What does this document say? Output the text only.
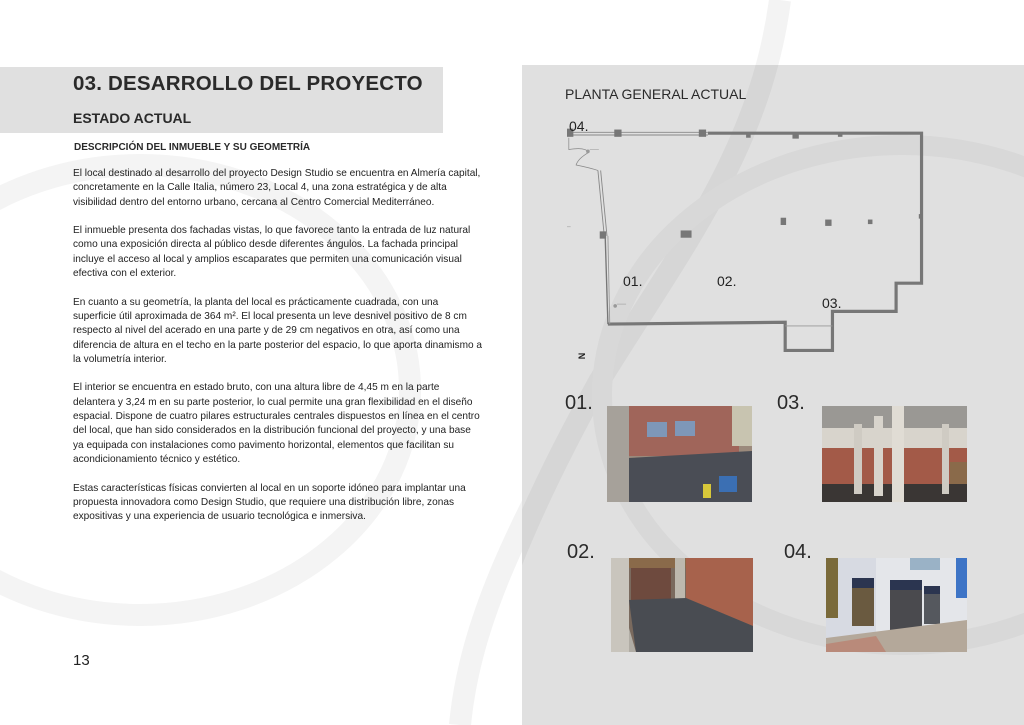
03. DESARROLLO DEL PROYECTO
ESTADO ACTUAL
DESCRIPCIÓN DEL INMUEBLE Y SU GEOMETRÍA

El local destinado al desarrollo del proyecto Design Studio se encuentra en Almería capital, concretamente en la Calle Italia, número 23, Local 4, una zona estratégica y de alta visibilidad dentro del entorno urbano, cercana al Centro Comercial Mediterráneo.

El inmueble presenta dos fachadas vistas, lo que favorece tanto la entrada de luz natural como una exposición directa al público desde diferentes ángulos. La fachada principal incluye el acceso al local y amplios escaparates que permiten una comunicación visual efectiva con el exterior.

En cuanto a su geometría, la planta del local es prácticamente cuadrada, con una superficie útil aproximada de 364 m². El local presenta un leve desnivel positivo de 8 cm respecto al nivel del acerado en una parte y de 29 cm negativos en otra, así como una diferencia de altura en el techo en la parte posterior del espacio, lo que aporta dinamismo a la volumetría interior.

El interior se encuentra en estado bruto, con una altura libre de 4,45 m en la parte delantera y 3,24 m en su parte posterior, lo cual permite una gran flexibilidad en el diseño espacial. Dispone de cuatro pilares estructurales centrales dispuestos en línea en el centro del local, que han sido considerados en la distribución funcional del proyecto, y una base ya equipada con instalaciones como pavimento horizontal, elementos que facilitan su acondicionamiento técnico y estético.

Estas características físicas convierten al local en un soporte idóneo para implantar una propuesta innovadora como Design Studio, que requiere una distribución libre, zonas expositivas y una experiencia de usuario tecnológica e inmersiva.

13
PLANTA GENERAL ACTUAL
04.
01.	02.
03.
N
01.	03.
02.	04.
